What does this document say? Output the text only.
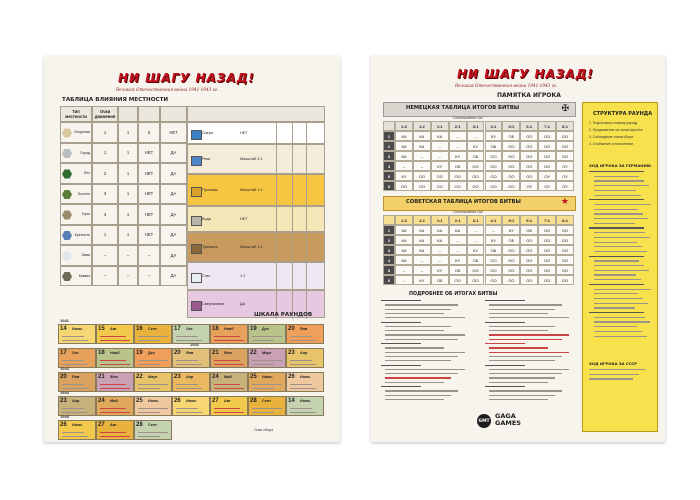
НИ ШАГУ НАЗАД!
Великая Отечественная война 1941-1943 гг.
ТАБЛИЦА ВЛИЯНИЯ МЕСТНОСТИ
Тип местности
Очки движения
Открытая	1	1	0	НЕТ
Город	1	1	НЕТ	ДА
Лес	2	1	НЕТ	ДА
Болото	3	1	НЕТ	ДА
Горы	3	1	НЕТ	ДА
Крепость	1	1	НЕТ	ДА
Зима	–	–	–	ДА
Кавказ	–	–	–	ДА
Озера	НЕТ
Реки	Масштаб 1:1
Проливы	Масштаб 1:1
Вода	НЕТ
Траншея	Масштаб 1:1
Снег	1:1
Сверхзахват	ДА
ШКАЛА РАУНДОВ
1941
14 Июль	15 Авг	16 Сент	17 Окт	18 Нояб	19 Дек	20 Янв
1942
17 Окт	18 Нояб	19 Дек	20 Янв	21 Фев	22 Март	23 Апр
1943
20 Янв	21 Фев	22 Март	23 Апр	24 Май	25 Июнь	26 Июль
1944
23 Апр	24 Май	25 Июнь	26 Июль	27 Авг	28 Сент	14 Июль
1945
26 Июль	27 Авг	28 Сент
Очки сбора
НИ ШАГУ НАЗАД!
Великая Отечественная война 1941-1943 гг.
ПАМЯТКА ИГРОКА
НЕМЕЦКАЯ ТАБЛИЦА ИТОГОВ БИТВЫ	✠
Соотношение сил
1:3	1:2	1:1	2:1	3:1	4:1	5:1	6:1	7:1	8:1
1	КА	КА	КА	–	–	КУ	ОБ	ОО	ОО	ОО
2	КА	КА	–	–	КУ	ОБ	ОО	ОО	ОО	ОО
3	КА	–	–	КУ	ОБ	ОО	ОО	ОО	ОО	ОО
4	–	–	КУ	ОБ	ОО	ОО	ОО	ОО	ОО	ОУ
5	КУ	ОО	ОО	ОО	ОО	ОО	ОО	ОО	ОУ	ОУ
6	ОО	ОО	ОО	ОО	ОО	ОО	ОО	ОУ	ОУ	ОУ
СОВЕТСКАЯ ТАБЛИЦА ИТОГОВ БИТВЫ	★
Соотношение сил
1:3	1:2	1:1	2:1	3:1	4:1	5:1	6:1	7:1	8:1
1	КА	КА	КА	КА	–	–	КУ	ОБ	ОО	ОО
2	КА	КА	КА	–	–	КУ	ОБ	ОО	ОО	ОО
3	КА	КА	–	–	КУ	ОБ	ОО	ОО	ОО	ОО
4	КА	–	–	КУ	ОБ	ОО	ОО	ОО	ОО	ОО
5	–	–	КУ	ОБ	ОО	ОО	ОО	ОО	ОО	ОО
6	–	КУ	ОБ	ОО	ОО	ОО	ОО	ОО	ОО	ОО
ПОДРОБНЕЕ ОБ ИТОГАХ БИТВЫ
GMT
GAGA GAMES
СТРУКТУРА РАУНДА
1. Подготовка к новому раунду
2. Продвижение на линии фронта
3. Соблюдение очков сбора
4. Снабжение и пополнение
ХОД ИГРОКА ЗА ГЕРМАНИЮ
ХОД ИГРОКА ЗА СССР
